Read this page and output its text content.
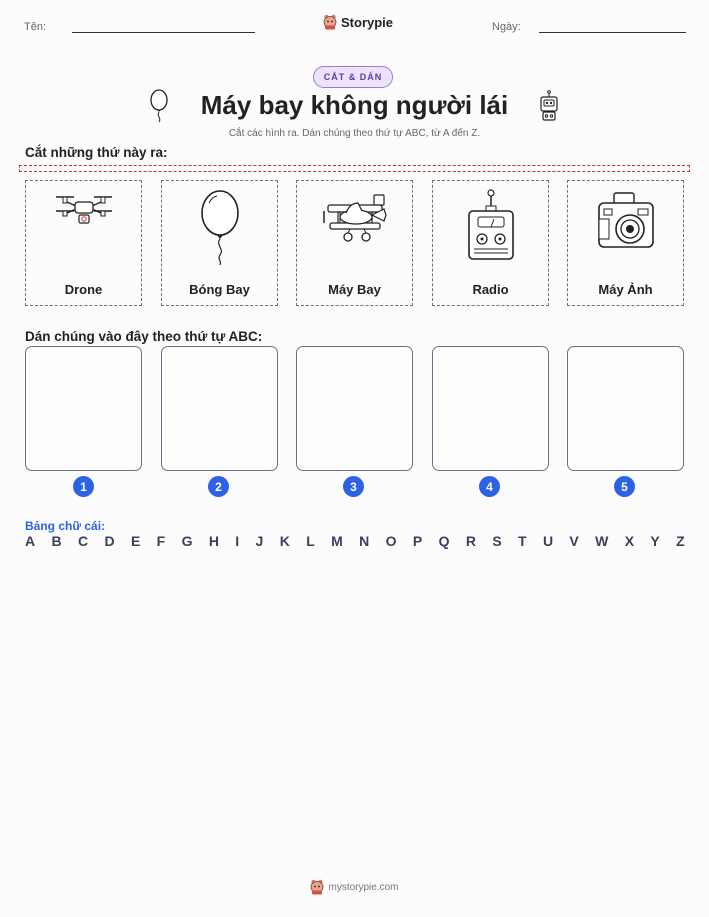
Tên:	Storypie	Ngày:
CẮT & DÁN
Máy bay không người lái
Cắt các hình ra. Dán chúng theo thứ tự ABC, từ A đến Z.
Cắt những thứ này ra:
Drone	Bóng Bay	Máy Bay	Radio	Máy Ảnh
Dán chúng vào đây theo thứ tự ABC:
1	2	3	4	5
Bảng chữ cái:
A B C D E F G H I J K L M N O P Q R S T U V W X Y Z
mystorypie.com
